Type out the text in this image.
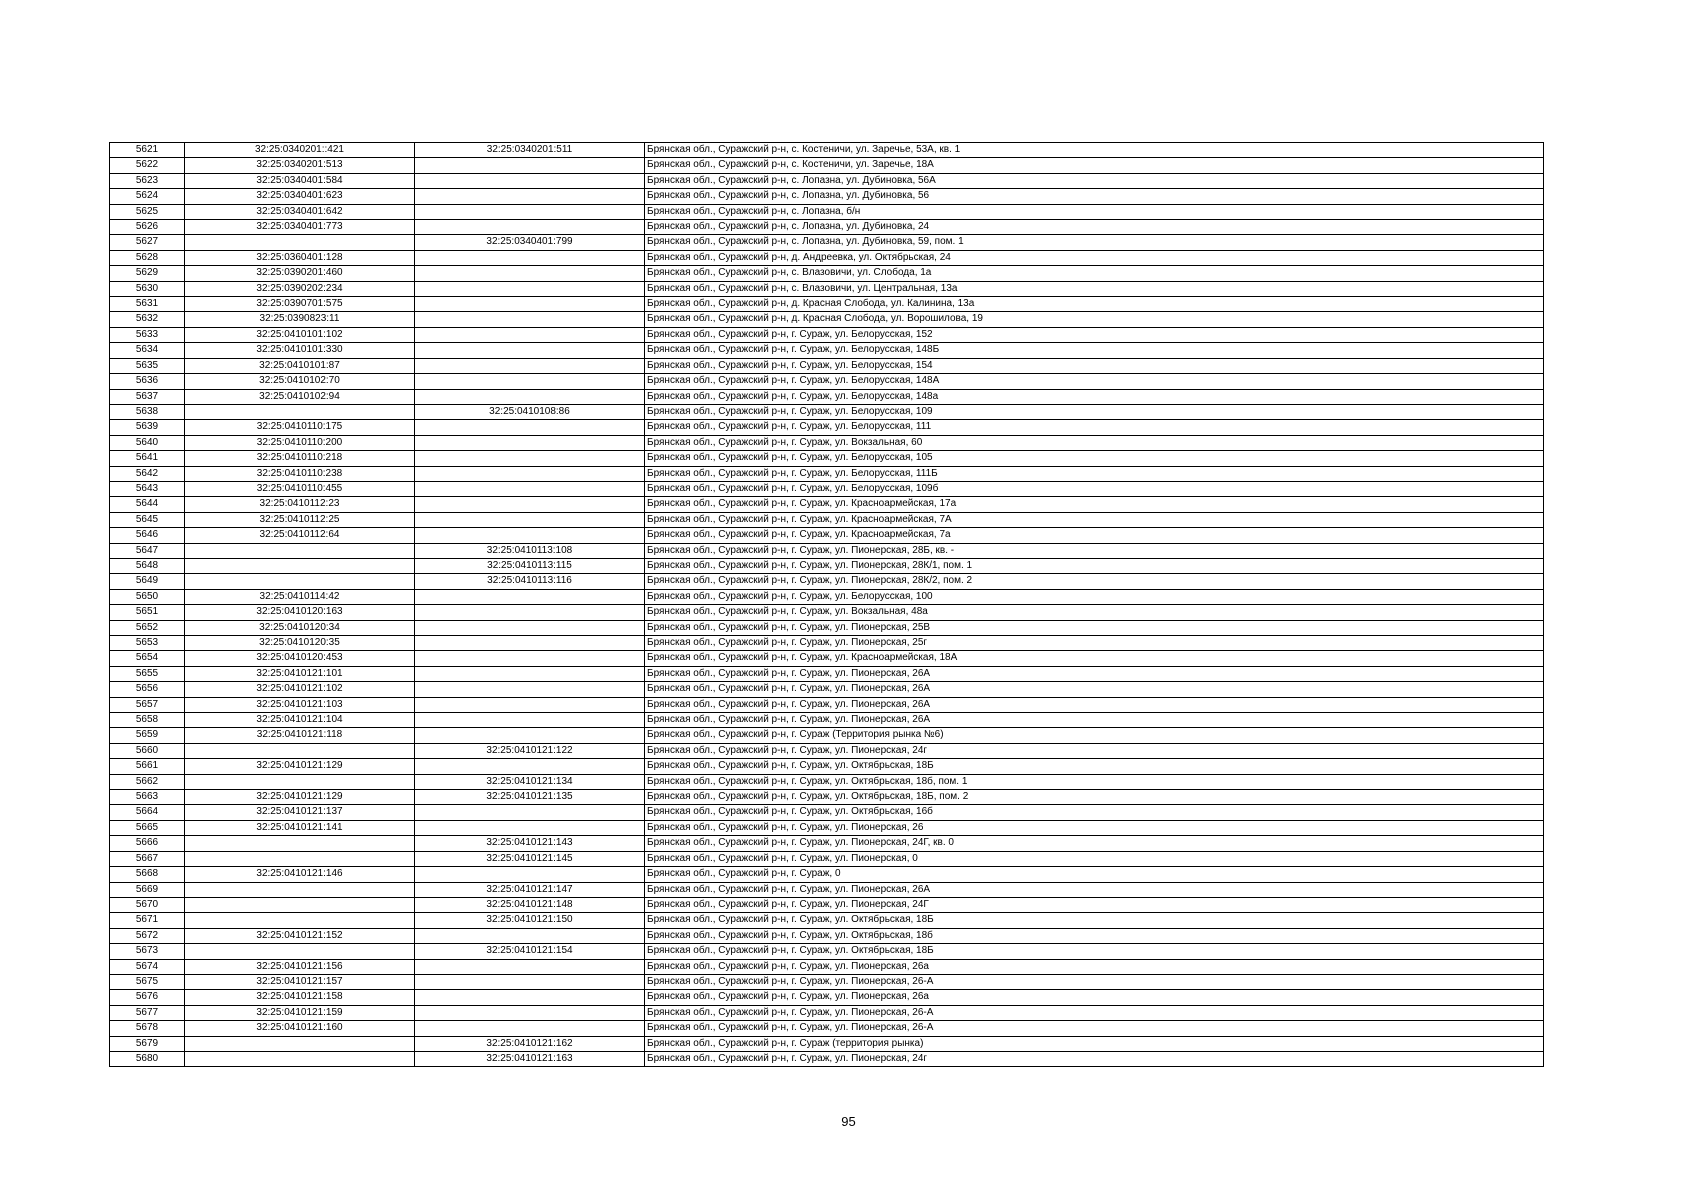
5621	32:25:0340201::421	32:25:0340201:511	Брянская обл., Суражский р-н, с. Костеничи, ул. Заречье, 53А, кв. 1
5622	32:25:0340201:513		Брянская обл., Суражский р-н, с. Костеничи, ул. Заречье, 18А
5623	32:25:0340401:584		Брянская обл., Суражский р-н, с. Лопазна, ул. Дубиновка, 56А
5624	32:25:0340401:623		Брянская обл., Суражский р-н, с. Лопазна, ул. Дубиновка, 56
5625	32:25:0340401:642		Брянская обл., Суражский р-н, с. Лопазна, б/н
5626	32:25:0340401:773		Брянская обл., Суражский р-н, с. Лопазна, ул. Дубиновка, 24
5627		32:25:0340401:799	Брянская обл., Суражский р-н, с. Лопазна, ул. Дубиновка, 59, пом. 1
5628	32:25:0360401:128		Брянская обл., Суражский р-н, д. Андреевка, ул. Октябрьская, 24
5629	32:25:0390201:460		Брянская обл., Суражский р-н, с. Влазовичи, ул. Слобода, 1а
5630	32:25:0390202:234		Брянская обл., Суражский р-н, с. Влазовичи, ул. Центральная, 13а
5631	32:25:0390701:575		Брянская обл., Суражский р-н, д. Красная Слобода, ул. Калинина, 13а
5632	32:25:0390823:11		Брянская обл., Суражский р-н, д. Красная Слобода, ул. Ворошилова, 19
5633	32:25:0410101:102		Брянская обл., Суражский р-н, г. Сураж, ул. Белорусская, 152
5634	32:25:0410101:330		Брянская обл., Суражский р-н, г. Сураж, ул. Белорусская, 148Б
5635	32:25:0410101:87		Брянская обл., Суражский р-н, г. Сураж, ул. Белорусская, 154
5636	32:25:0410102:70		Брянская обл., Суражский р-н, г. Сураж, ул. Белорусская, 148А
5637	32:25:0410102:94		Брянская обл., Суражский р-н, г. Сураж, ул. Белорусская, 148а
5638		32:25:0410108:86	Брянская обл., Суражский р-н, г. Сураж, ул. Белорусская, 109
5639	32:25:0410110:175		Брянская обл., Суражский р-н, г. Сураж, ул. Белорусская, 111
5640	32:25:0410110:200		Брянская обл., Суражский р-н, г. Сураж, ул. Вокзальная, 60
5641	32:25:0410110:218		Брянская обл., Суражский р-н, г. Сураж, ул. Белорусская, 105
5642	32:25:0410110:238		Брянская обл., Суражский р-н, г. Сураж, ул. Белорусская, 111Б
5643	32:25:0410110:455		Брянская обл., Суражский р-н, г. Сураж, ул. Белорусская, 109б
5644	32:25:0410112:23		Брянская обл., Суражский р-н, г. Сураж, ул. Красноармейская, 17а
5645	32:25:0410112:25		Брянская обл., Суражский р-н, г. Сураж, ул. Красноармейская, 7А
5646	32:25:0410112:64		Брянская обл., Суражский р-н, г. Сураж, ул. Красноармейская, 7а
5647		32:25:0410113:108	Брянская обл., Суражский р-н, г. Сураж, ул. Пионерская, 28Б, кв. -
5648		32:25:0410113:115	Брянская обл., Суражский р-н, г. Сураж, ул. Пионерская, 28К/1, пом. 1
5649		32:25:0410113:116	Брянская обл., Суражский р-н, г. Сураж, ул. Пионерская, 28К/2, пом. 2
5650	32:25:0410114:42		Брянская обл., Суражский р-н, г. Сураж, ул. Белорусская, 100
5651	32:25:0410120:163		Брянская обл., Суражский р-н, г. Сураж, ул. Вокзальная, 48а
5652	32:25:0410120:34		Брянская обл., Суражский р-н, г. Сураж, ул. Пионерская, 25В
5653	32:25:0410120:35		Брянская обл., Суражский р-н, г. Сураж, ул. Пионерская, 25г
5654	32:25:0410120:453		Брянская обл., Суражский р-н, г. Сураж, ул. Красноармейская, 18А
5655	32:25:0410121:101		Брянская обл., Суражский р-н, г. Сураж, ул. Пионерская, 26А
5656	32:25:0410121:102		Брянская обл., Суражский р-н, г. Сураж, ул. Пионерская, 26А
5657	32:25:0410121:103		Брянская обл., Суражский р-н, г. Сураж, ул. Пионерская, 26А
5658	32:25:0410121:104		Брянская обл., Суражский р-н, г. Сураж, ул. Пионерская, 26А
5659	32:25:0410121:118		Брянская обл., Суражский р-н, г. Сураж (Территория рынка №6)
5660		32:25:0410121:122	Брянская обл., Суражский р-н, г. Сураж, ул. Пионерская, 24г
5661	32:25:0410121:129		Брянская обл., Суражский р-н, г. Сураж, ул. Октябрьская, 18Б
5662		32:25:0410121:134	Брянская обл., Суражский р-н, г. Сураж, ул. Октябрьская, 18б, пом. 1
5663	32:25:0410121:129	32:25:0410121:135	Брянская обл., Суражский р-н, г. Сураж, ул. Октябрьская, 18Б, пом. 2
5664	32:25:0410121:137		Брянская обл., Суражский р-н, г. Сураж, ул. Октябрьская, 16б
5665	32:25:0410121:141		Брянская обл., Суражский р-н, г. Сураж, ул. Пионерская, 26
5666		32:25:0410121:143	Брянская обл., Суражский р-н, г. Сураж, ул. Пионерская, 24Г, кв. 0
5667		32:25:0410121:145	Брянская обл., Суражский р-н, г. Сураж, ул. Пионерская, 0
5668	32:25:0410121:146		Брянская обл., Суражский р-н, г. Сураж, 0
5669		32:25:0410121:147	Брянская обл., Суражский р-н, г. Сураж, ул. Пионерская, 26А
5670		32:25:0410121:148	Брянская обл., Суражский р-н, г. Сураж, ул. Пионерская, 24Г
5671		32:25:0410121:150	Брянская обл., Суражский р-н, г. Сураж, ул. Октябрьская, 18Б
5672	32:25:0410121:152		Брянская обл., Суражский р-н, г. Сураж, ул. Октябрьская, 18б
5673		32:25:0410121:154	Брянская обл., Суражский р-н, г. Сураж, ул. Октябрьская, 18Б
5674	32:25:0410121:156		Брянская обл., Суражский р-н, г. Сураж, ул. Пионерская, 26а
5675	32:25:0410121:157		Брянская обл., Суражский р-н, г. Сураж, ул. Пионерская, 26-А
5676	32:25:0410121:158		Брянская обл., Суражский р-н, г. Сураж, ул. Пионерская, 26а
5677	32:25:0410121:159		Брянская обл., Суражский р-н, г. Сураж, ул. Пионерская, 26-А
5678	32:25:0410121:160		Брянская обл., Суражский р-н, г. Сураж, ул. Пионерская, 26-А
5679		32:25:0410121:162	Брянская обл., Суражский р-н, г. Сураж (территория рынка)
5680		32:25:0410121:163	Брянская обл., Суражский р-н, г. Сураж, ул. Пионерская, 24г
95
